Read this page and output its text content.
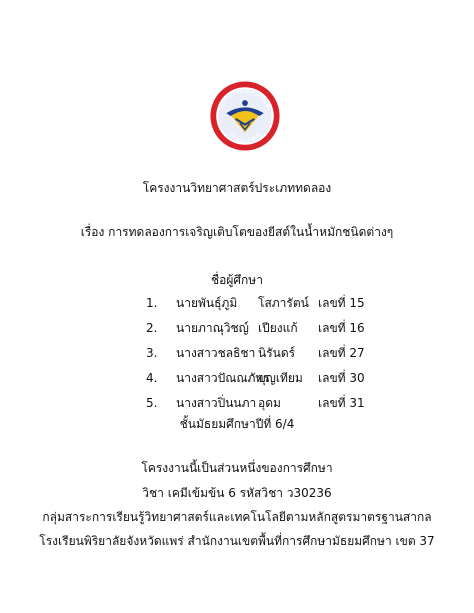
โรงเรียนพิริยาลัยจังหวัดแพร่
PIRIYALAI PHRAE
โครงงานวิทยาศาสตร์ประเภททดลอง
เรื่อง การทดลองการเจริญเติบโตของยีสต์ในน้ำหมักชนิดต่างๆ
ชื่อผู้ศึกษา
1. นายพันธุ์ภูมิ โสภารัตน์ เลขที่ 15
2. นายภาณุวิชญ์ เปียงแก้ เลขที่ 16
3. นางสาวชลธิชา นิรันดร์ เลขที่ 27
4. นางสาวปัณณภัทร
บุญเทียม เลขที่ 30
5. นางสาวปิ่นนภา อุดม	เลขที่ 31
ชั้นมัธยมศึกษาปีที่ 6/4
โครงงานนี้เป็นส่วนหนึ่งของการศึกษา
วิชา เคมีเข้มข้น 6 รหัสวิชา ว30236
กลุ่มสาระการเรียนรู้วิทยาศาสตร์และเทคโนโลยีตามหลักสูตรมาตรฐานสากล
โรงเรียนพิริยาลัยจังหวัดแพร่ สำนักงานเขตพื้นที่การศึกษามัธยมศึกษา เขต 37
